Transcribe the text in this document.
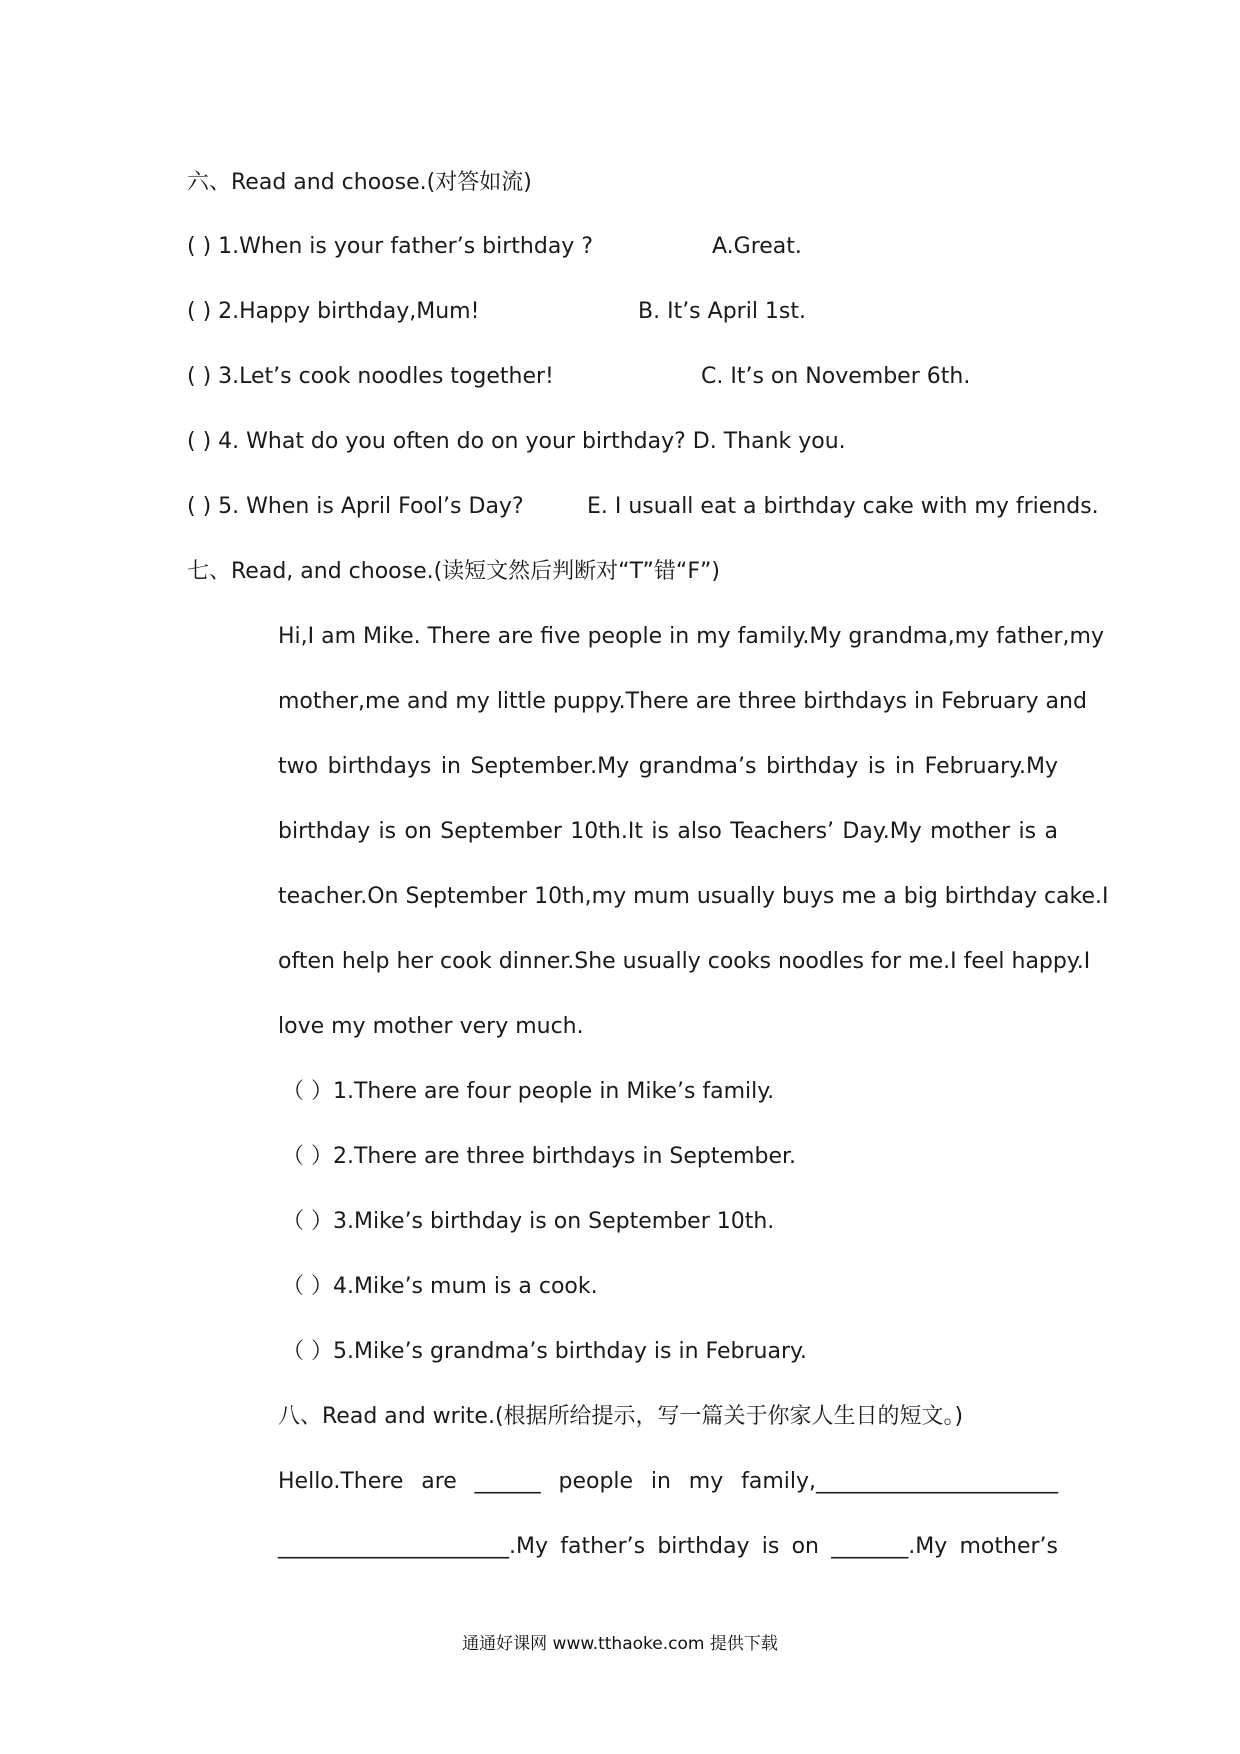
六、Read and choose.(对答如流)
( ) 1.When is your father’s birthday ?	A.Great.
( ) 2.Happy birthday,Mum!	B. It’s April 1st.
( ) 3.Let’s cook noodles together!	C. It’s on November 6th.
( ) 4. What do you often do on your birthday? D. Thank you.
( ) 5. When is April Fool’s Day?	E. I usuall eat a birthday cake with my friends.
七、Read, and choose.(读短文然后判断对“T”错“F”)
Hi,I am Mike. There are five people in my family.My grandma,my father,my
mother,me and my little puppy.There are three birthdays in February and
two birthdays in September.My grandma’s birthday is in February.My
birthday is on September 10th.It is also Teachers’ Day.My mother is a
teacher.On September 10th,my mum usually buys me a big birthday cake.I
often help her cook dinner.She usually cooks noodles for me.I feel happy.I
love my mother very much.
（ ）1.There are four people in Mike’s family.
（ ）2.There are three birthdays in September.
（ ）3.Mike’s birthday is on September 10th.
（ ）4.Mike’s mum is a cook.
（ ）5.Mike’s grandma’s birthday is in February.
八、Read and write.(根据所给提示，写一篇关于你家人生日的短文。)
Hello.There are ______ people in my family,______________________
_____________________.My father’s birthday is on _______.My mother’s
通通好课网 www.tthaoke.com 提供下载
